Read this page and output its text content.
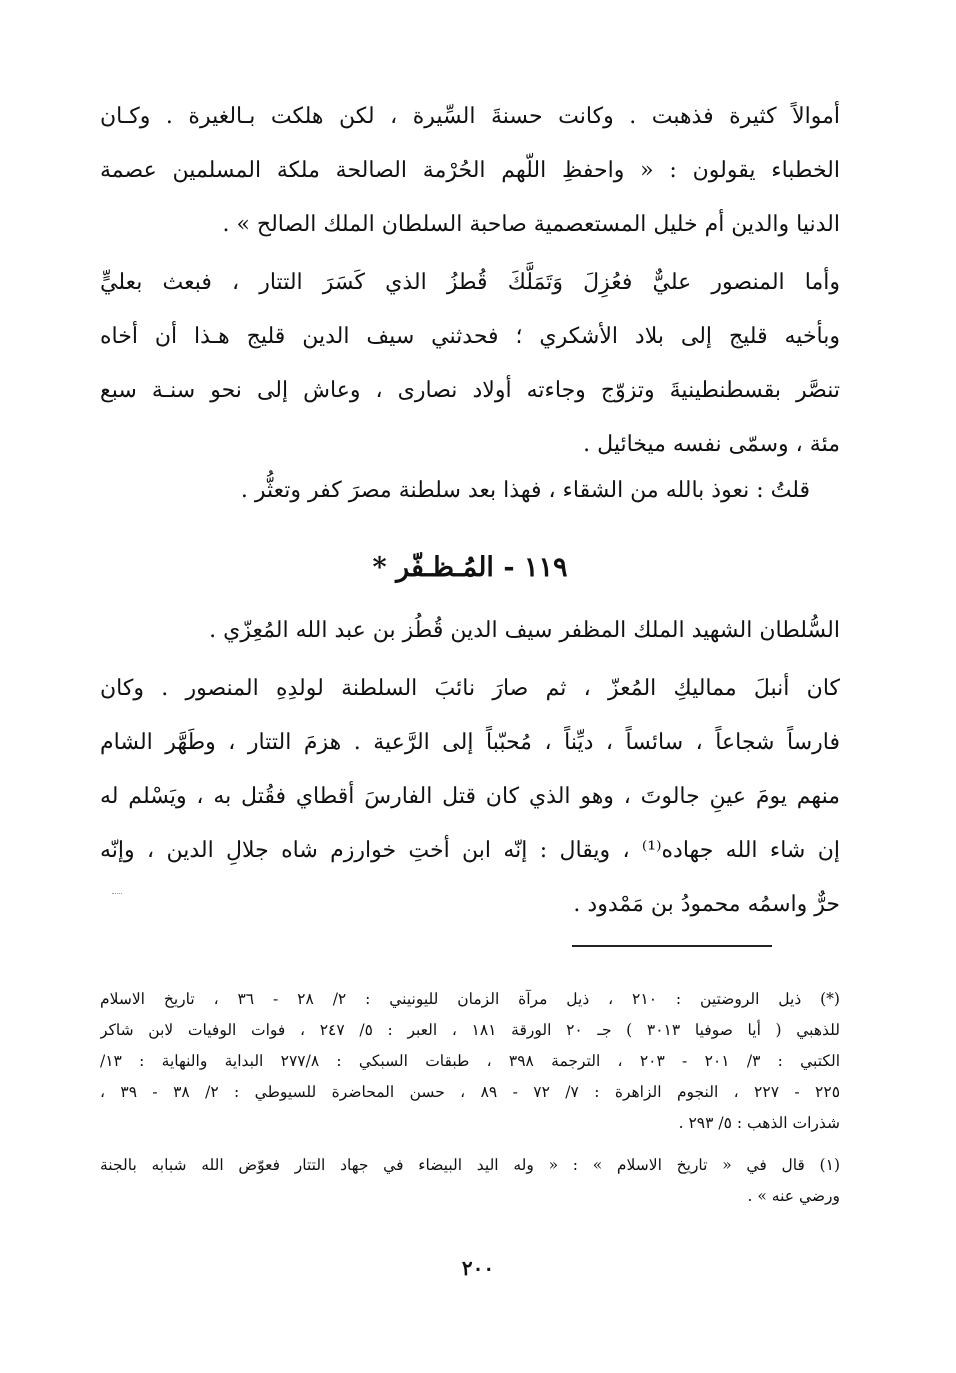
أموالاً كثيرة فذهبت . وكانت حسنةَ السِّيرة ، لكن هلكت بـالغيرة . وكـان
الخطباء يقولون : « واحفظِ اللّهم الحُرْمة الصالحة ملكة المسلمين عصمة
الدنيا والدين أم خليل المستعصمية صاحبة السلطان الملك الصالح » .
وأما المنصور عليٌّ فعُزِلَ وَتَمَلَّكَ قُطزُ الذي كَسَرَ التتار ، فبعث بعليٍّ
وبأخيه قليج إلى بلاد الأشكري ؛ فحدثني سيف الدين قليج هـذا أن أخاه
تنصَّر بقسطنطينيةَ وتزوّج وجاءته أولاد نصارى ، وعاش إلى نحو سنـة سبع
مئة ، وسمّى نفسه ميخائيل .
قلتُ : نعوذ بالله من الشقاء ، فهذا بعد سلطنة مصرَ كفر وتعثُّر .
١١٩ - المُـظـفّر *
السُّلطان الشهيد الملك المظفر سيف الدين قُطُز بن عبد الله المُعِزّي .
كان أنبلَ مماليكِ المُعزّ ، ثم صارَ نائبَ السلطنة لولدِهِ المنصور . وكان
فارساً شجاعاً ، سائساً ، ديِّناً ، مُحبّباً إلى الرَّعية . هزمَ التتار ، وطَهَّر الشام
منهم يومَ عينِ جالوتَ ، وهو الذي كان قتل الفارسَ أقطاي فقُتل به ، ويَسْلم له
إن شاء الله جهاده⁽¹⁾ ، ويقال : إنّه ابن أختِ خوارزم شاه جلالِ الدين ، وإنّه
حرٌّ واسمُه محمودُ بن مَمْدود .
(*) ذيل الروضتين : ٢١٠ ، ذيل مرآة الزمان لليونيني : ٢/ ٢٨ - ٣٦ ، تاريخ الاسلام
للذهبي ( أيا صوفيا ٣٠١٣ ) جـ ٢٠ الورقة ١٨١ ، العبر : ٥/ ٢٤٧ ، فوات الوفيات لابن شاكر
الكتبي : ٣/ ٢٠١ - ٢٠٣ ، الترجمة ٣٩٨ ، طبقات السبكي : ٢٧٧/٨ البداية والنهاية : ١٣/
٢٢٥ - ٢٢٧ ، النجوم الزاهرة : ٧/ ٧٢ - ٨٩ ، حسن المحاضرة للسيوطي : ٢/ ٣٨ - ٣٩ ،
شذرات الذهب : ٥/ ٢٩٣ .
(١) قال في « تاريخ الاسلام » : « وله اليد البيضاء في جهاد التتار فعوّض الله شبابه بالجنة
ورضي عنه » .
٢٠٠
